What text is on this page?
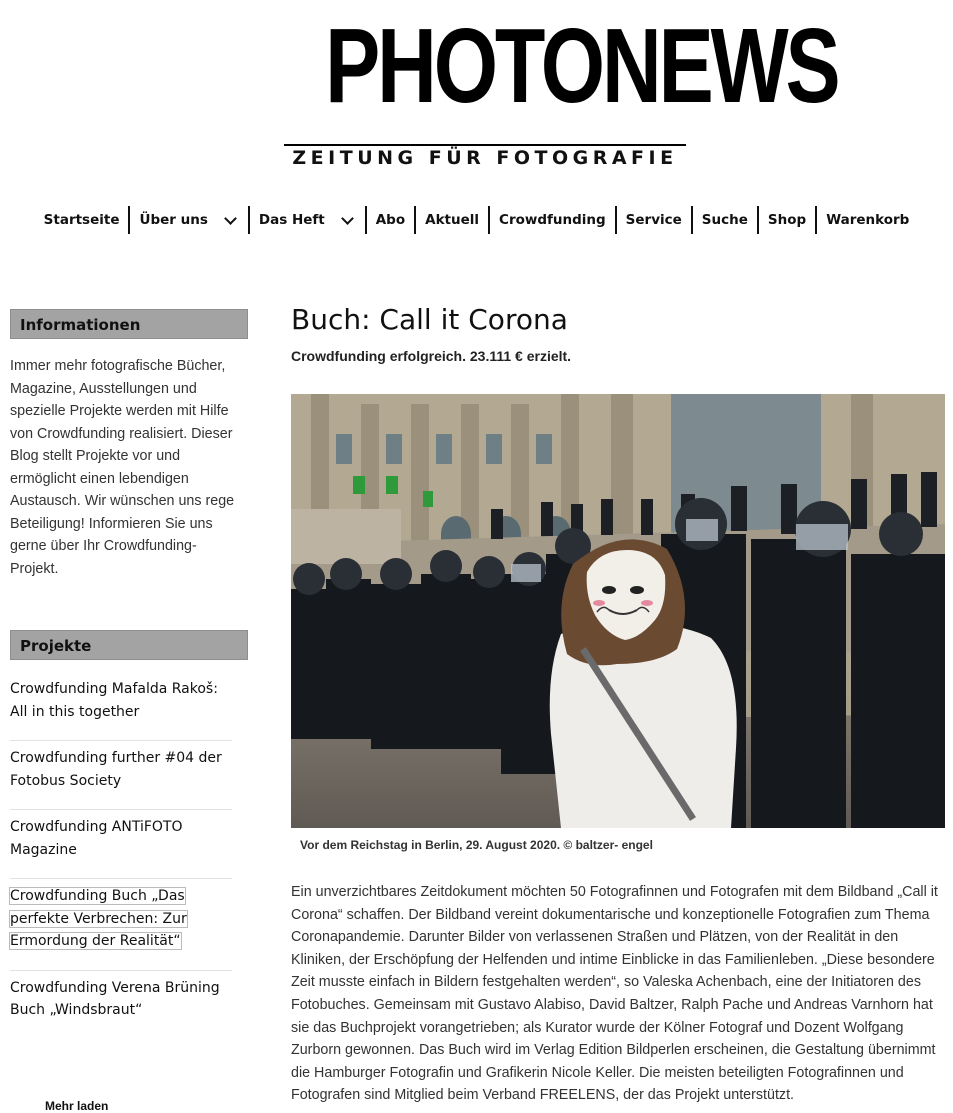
PHOTONEWS
ZEITUNG FÜR FOTOGRAFIE
Startseite Über uns	Das Heft	Abo Aktuell Crowdfunding Service Suche Shop Warenkorb
Informationen
Immer mehr fotografische Bücher, Magazine, Ausstellungen und spezielle Projekte werden mit Hilfe von Crowdfunding realisiert. Dieser Blog stellt Projekte vor und ermöglicht einen lebendigen Austausch. Wir wünschen uns rege Beteiligung! Informieren Sie uns gerne über Ihr Crowdfunding-Projekt.
Projekte
Crowdfunding Mafalda Rakoš: All in this together
Crowdfunding further #04 der Fotobus Society
Crowdfunding ANTiFOTO Magazine
Crowdfunding Buch „Das perfekte Verbrechen: Zur Ermordung der Realität“
Crowdfunding Verena Brüning Buch „Windsbraut“
Mehr laden
Buch: Call it Corona
Crowdfunding erfolgreich. 23.111 € erzielt.
Vor dem Reichstag in Berlin, 29. August 2020. © baltzer- engel
Ein unverzichtbares Zeitdokument möchten 50 Fotografinnen und Fotografen mit dem Bildband „Call it Corona“ schaffen. Der Bildband vereint dokumentarische und konzeptionelle Fotografien zum Thema Coronapandemie. Darunter Bilder von verlassenen Straßen und Plätzen, von der Realität in den Kliniken, der Erschöpfung der Helfenden und intime Einblicke in das Familienleben. „Diese besondere Zeit musste einfach in Bildern festgehalten werden“, so Valeska Achenbach, eine der Initiatoren des Fotobuches. Gemeinsam mit Gustavo Alabiso, David Baltzer, Ralph Pache und Andreas Varnhorn hat sie das Buchprojekt vorangetrieben; als Kurator wurde der Kölner Fotograf und Dozent Wolfgang Zurborn gewonnen. Das Buch wird im Verlag Edition Bildperlen erscheinen, die Gestaltung übernimmt die Hamburger Fotografin und Grafikerin Nicole Keller. Die meisten beteiligten Fotografinnen und Fotografen sind Mitglied beim Verband FREELENS, der das Projekt unterstützt.
